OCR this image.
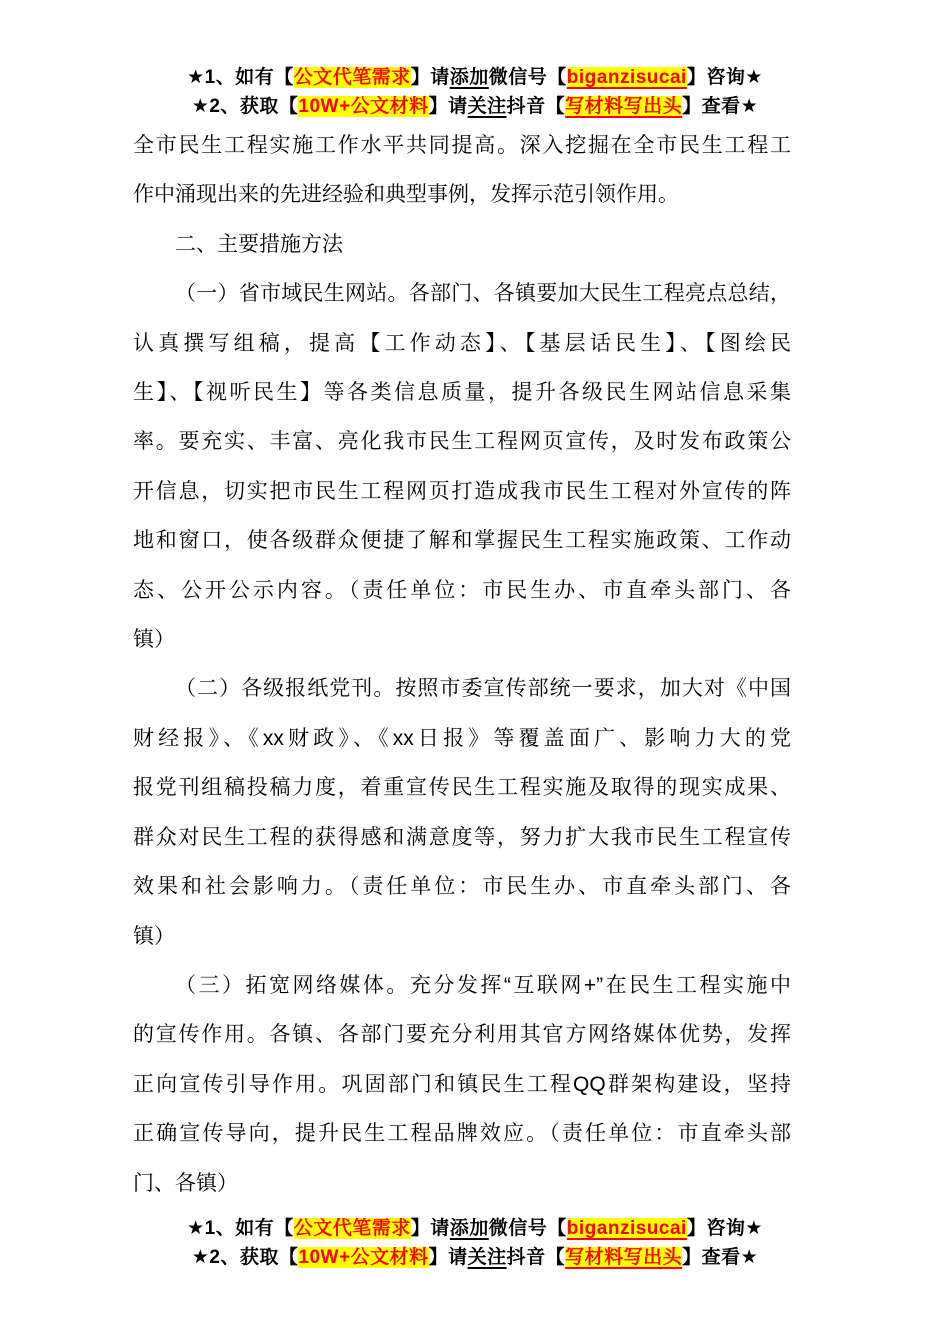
★1、如有【公文代笔需求】请添加微信号【biganzisucai】咨询★
★2、获取【10W+公文材料】请关注抖音【写材料写出头】查看★
全市民生工程实施工作水平共同提高。深入挖掘在全市民生工程工
作中涌现出来的先进经验和典型事例，发挥示范引领作用。
二、主要措施方法
（一）省市域民生网站。各部门、各镇要加大民生工程亮点总结，
认真撰写组稿，提高【工作动态】、【基层话民生】、【图绘民
生】、【视听民生】等各类信息质量，提升各级民生网站信息采集
率。要充实、丰富、亮化我市民生工程网页宣传，及时发布政策公
开信息，切实把市民生工程网页打造成我市民生工程对外宣传的阵
地和窗口，使各级群众便捷了解和掌握民生工程实施政策、工作动
态、公开公示内容。（责任单位：市民生办、市直牵头部门、各
镇）
（二）各级报纸党刊。按照市委宣传部统一要求，加大对《中国
财经报》、《xx财政》、《xx日报》等覆盖面广、影响力大的党
报党刊组稿投稿力度，着重宣传民生工程实施及取得的现实成果、
群众对民生工程的获得感和满意度等，努力扩大我市民生工程宣传
效果和社会影响力。（责任单位：市民生办、市直牵头部门、各
镇）
（三）拓宽网络媒体。充分发挥“互联网+”在民生工程实施中
的宣传作用。各镇、各部门要充分利用其官方网络媒体优势，发挥
正向宣传引导作用。巩固部门和镇民生工程QQ群架构建设，坚持
正确宣传导向，提升民生工程品牌效应。（责任单位：市直牵头部
门、各镇）
★1、如有【公文代笔需求】请添加微信号【biganzisucai】咨询★
★2、获取【10W+公文材料】请关注抖音【写材料写出头】查看★
